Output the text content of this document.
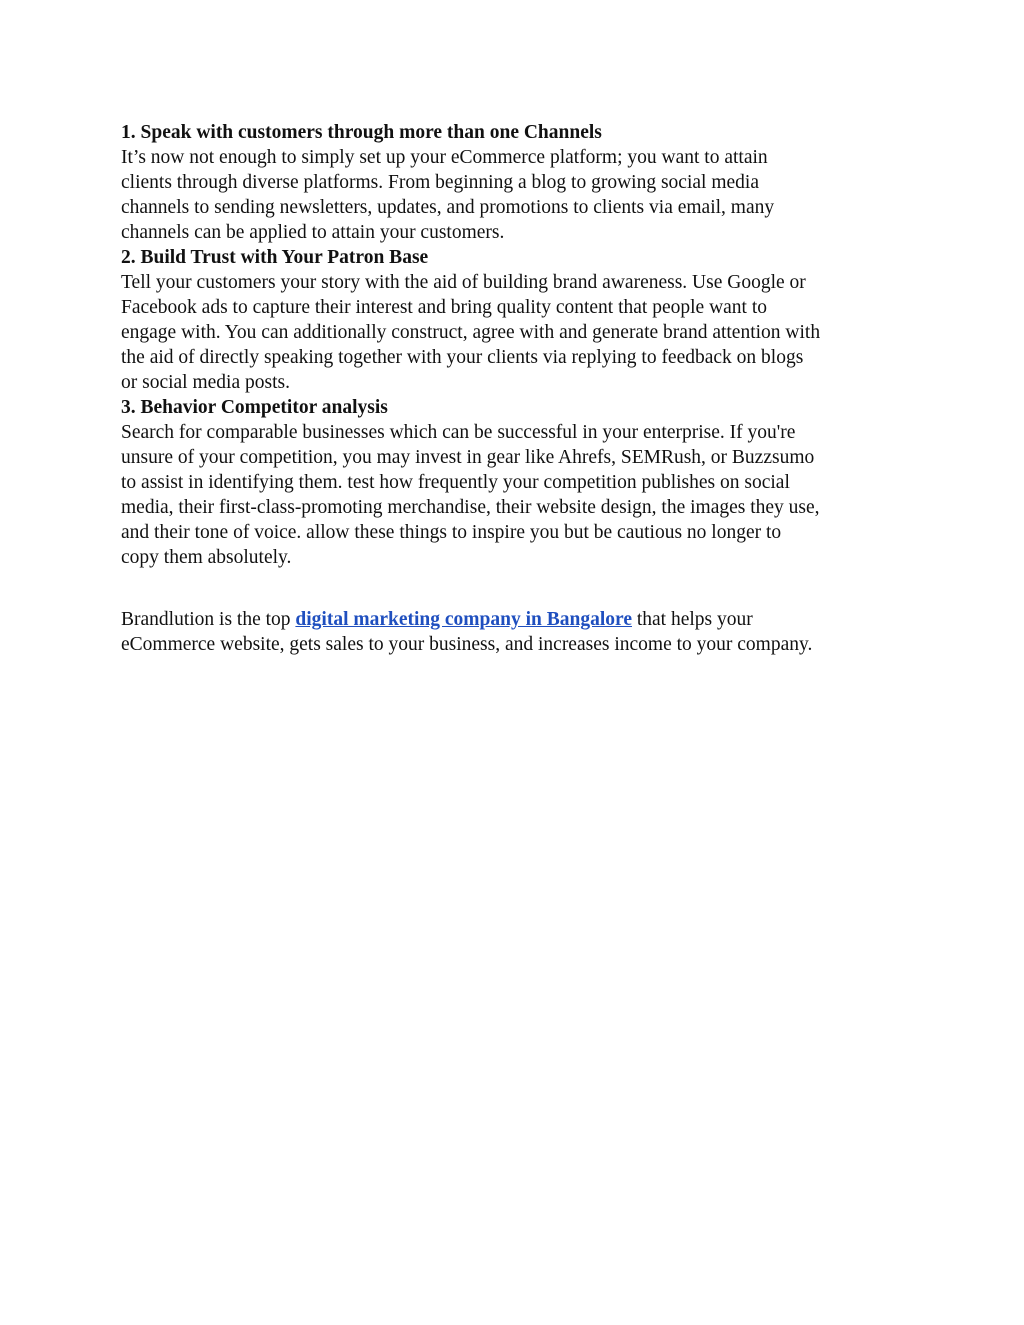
1. Speak with customers through more than one Channels

It’s now not enough to simply set up your eCommerce platform; you want to attain
clients through diverse platforms. From beginning a blog to growing social media
channels to sending newsletters, updates, and promotions to clients via email, many
channels can be applied to attain your customers.

2. Build Trust with Your Patron Base

Tell your customers your story with the aid of building brand awareness. Use Google or
Facebook ads to capture their interest and bring quality content that people want to
engage with. You can additionally construct, agree with and generate brand attention with
the aid of directly speaking together with your clients via replying to feedback on blogs
or social media posts.

3. Behavior Competitor analysis

Search for comparable businesses which can be successful in your enterprise. If you're
unsure of your competition, you may invest in gear like Ahrefs, SEMRush, or Buzzsumo
to assist in identifying them. test how frequently your competition publishes on social
media, their first-class-promoting merchandise, their website design, the images they use,
and their tone of voice. allow these things to inspire you but be cautious no longer to
copy them absolutely.

Brandlution is the top digital marketing company in Bangalore that helps your
eCommerce website, gets sales to your business, and increases income to your company.
